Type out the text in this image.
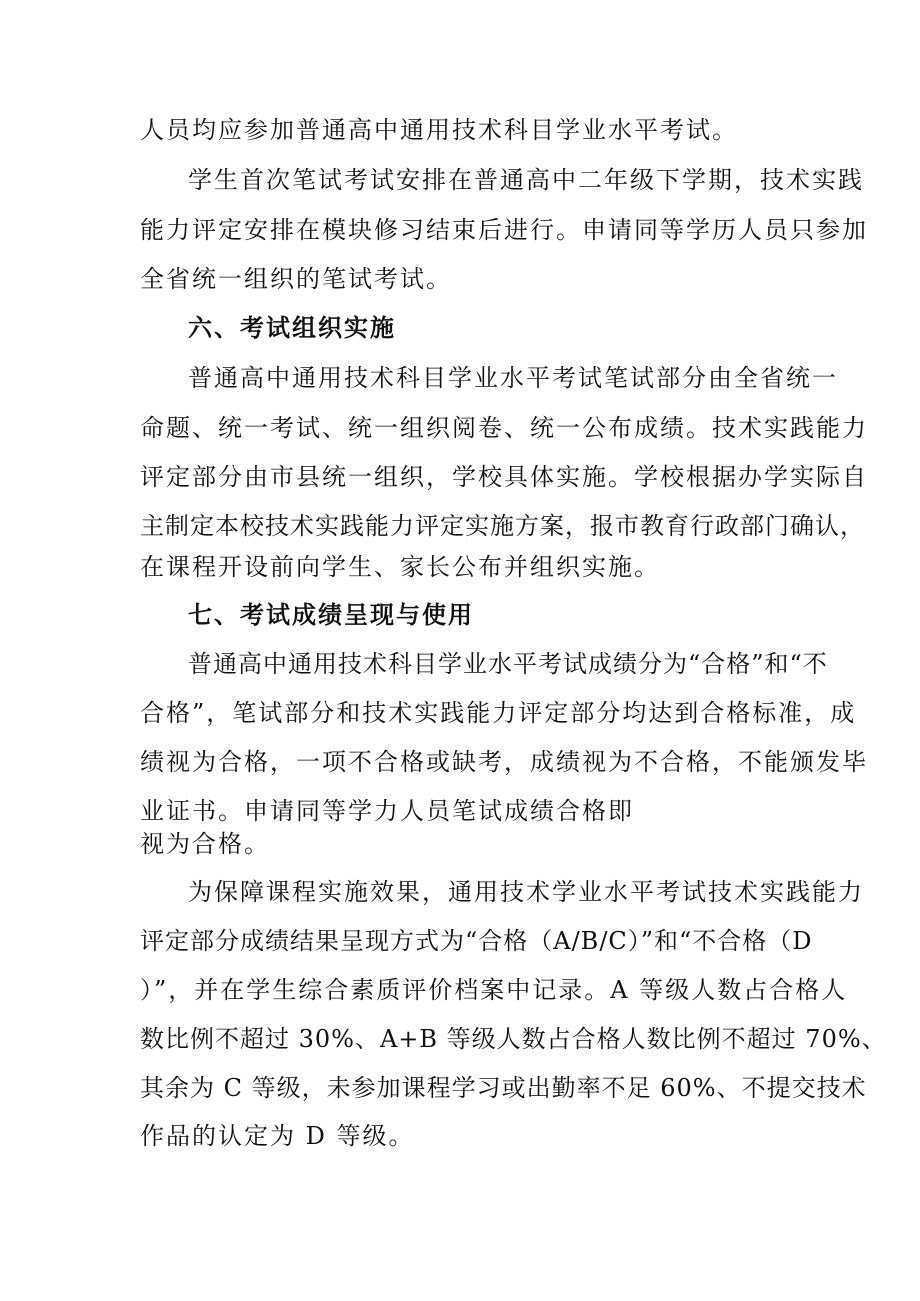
人员均应参加普通高中通用技术科目学业水平考试。
学生首次笔试考试安排在普通高中二年级下学期，技术实践
能力评定安排在模块修习结束后进行。申请同等学历人员只参加
全省统一组织的笔试考试。
六、考试组织实施
普通高中通用技术科目学业水平考试笔试部分由全省统一
命题、统一考试、统一组织阅卷、统一公布成绩。技术实践能力
评定部分由市县统一组织，学校具体实施。学校根据办学实际自
主制定本校技术实践能力评定实施方案，报市教育行政部门确认，
在课程开设前向学生、家长公布并组织实施。
七、考试成绩呈现与使用
普通高中通用技术科目学业水平考试成绩分为“合格”和“不
合格”，笔试部分和技术实践能力评定部分均达到合格标准，成
绩视为合格，一项不合格或缺考，成绩视为不合格，不能颁发毕
业证书。申请同等学力人员笔试成绩合格即
视为合格。
为保障课程实施效果，通用技术学业水平考试技术实践能力
评定部分成绩结果呈现方式为“合格（A/B/C）”和“不合格（D
）”，并在学生综合素质评价档案中记录。A 等级人数占合格人
数比例不超过 30%、A+B 等级人数占合格人数比例不超过 70%、
其余为 C 等级，未参加课程学习或出勤率不足 60%、不提交技术
作品的认定为 D 等级。
